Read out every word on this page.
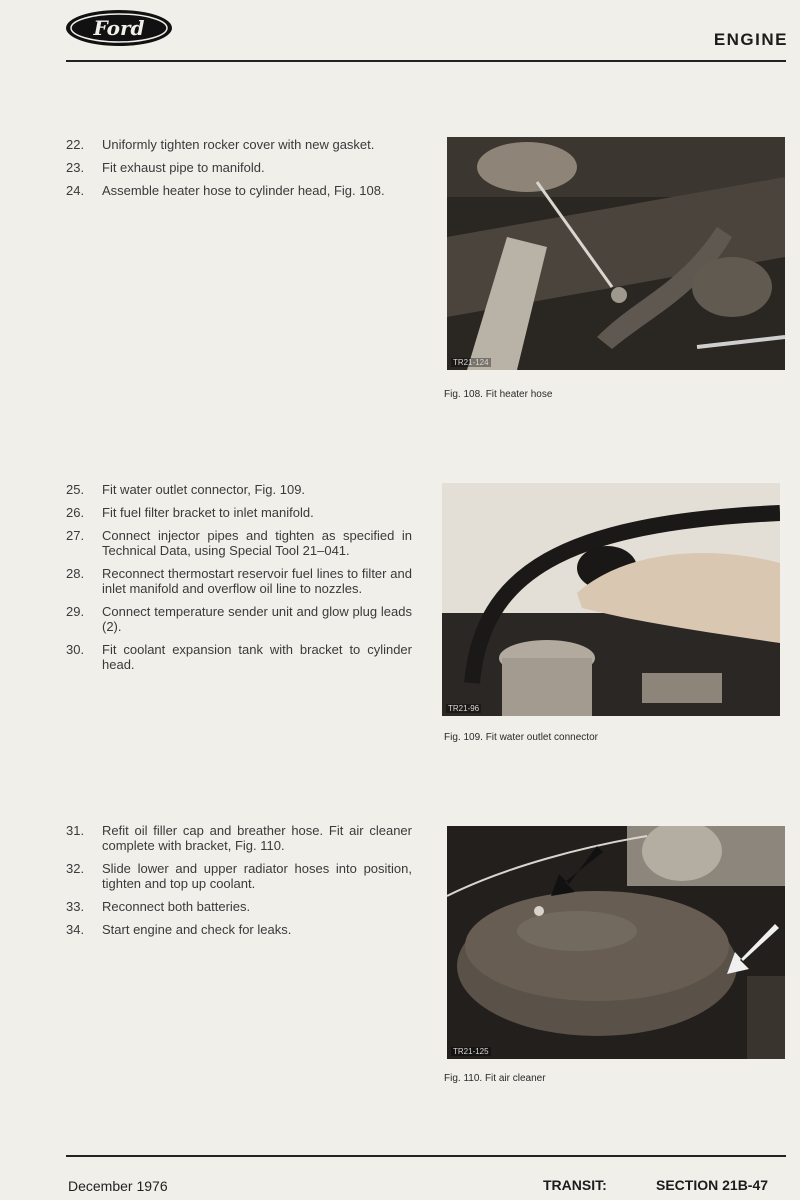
Ford	ENGINE
22.	Uniformly tighten rocker cover with new gasket.
23.	Fit exhaust pipe to manifold.
24.	Assemble heater hose to cylinder head, Fig. 108.
TR21-124
Fig. 108. Fit heater hose
25.	Fit water outlet connector, Fig. 109.
26.	Fit fuel filter bracket to inlet manifold.
27.	Connect injector pipes and tighten as specified in Technical Data, using Special Tool 21–041.
28.	Reconnect thermostart reservoir fuel lines to filter and inlet manifold and overflow oil line to nozzles.
29.	Connect temperature sender unit and glow plug leads (2).
30.	Fit coolant expansion tank with bracket to cylinder head.
TR21-96
Fig. 109. Fit water outlet connector
31.	Refit oil filler cap and breather hose. Fit air cleaner complete with bracket, Fig. 110.
32.	Slide lower and upper radiator hoses into position, tighten and top up coolant.
33.	Reconnect both batteries.
34.	Start engine and check for leaks.
TR21-125
Fig. 110. Fit air cleaner
December 1976	TRANSIT:	SECTION 21B-47
